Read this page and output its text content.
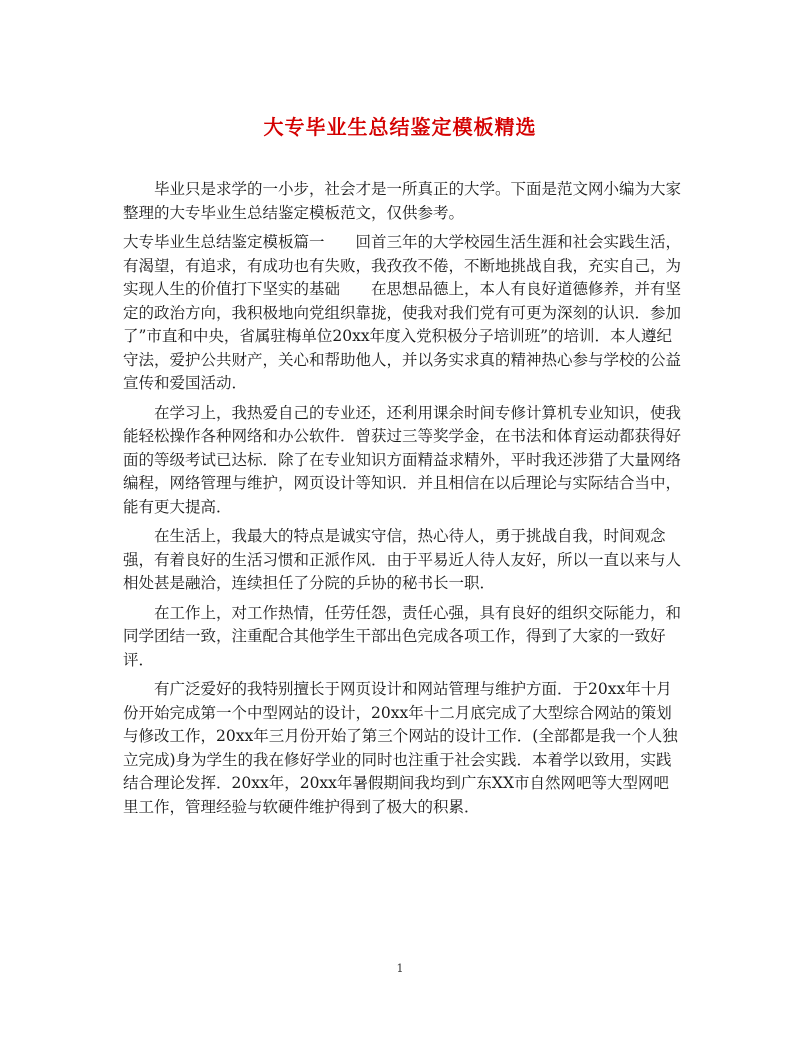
大专毕业生总结鉴定模板精选

毕业只是求学的一小步，社会才是一所真正的大学。下面是范文网小编为大家整理的大专毕业生总结鉴定模板范文，仅供参考。

大专毕业生总结鉴定模板篇一　　回首三年的大学校园生活生涯和社会实践生活，有渴望，有追求，有成功也有失败，我孜孜不倦，不断地挑战自我，充实自己，为实现人生的价值打下坚实的基础　　在思想品德上，本人有良好道德修养，并有坚定的政治方向，我积极地向党组织靠拢，使我对我们党有可更为深刻的认识．参加了”市直和中央，省属驻梅单位20xx年度入党积极分子培训班”的培训．本人遵纪守法，爱护公共财产，关心和帮助他人，并以务实求真的精神热心参与学校的公益宣传和爱国活动．

在学习上，我热爱自己的专业还，还利用课余时间专修计算机专业知识，使我能轻松操作各种网络和办公软件．曾获过三等奖学金，在书法和体育运动都获得好面的等级考试已达标．除了在专业知识方面精益求精外，平时我还涉猎了大量网络编程，网络管理与维护，网页设计等知识．并且相信在以后理论与实际结合当中，能有更大提高．

在生活上，我最大的特点是诚实守信，热心待人，勇于挑战自我，时间观念强，有着良好的生活习惯和正派作风．由于平易近人待人友好，所以一直以来与人相处甚是融洽，连续担任了分院的乒协的秘书长一职．

在工作上，对工作热情，任劳任怨，责任心强，具有良好的组织交际能力，和同学团结一致，注重配合其他学生干部出色完成各项工作，得到了大家的一致好评．

有广泛爱好的我特别擅长于网页设计和网站管理与维护方面．于20xx年十月份开始完成第一个中型网站的设计，20xx年十二月底完成了大型综合网站的策划与修改工作，20xx年三月份开始了第三个网站的设计工作．(全部都是我一个人独立完成)身为学生的我在修好学业的同时也注重于社会实践．本着学以致用，实践结合理论发挥．20xx年，20xx年暑假期间我均到广东XX市自然网吧等大型网吧里工作，管理经验与软硬件维护得到了极大的积累．

1
